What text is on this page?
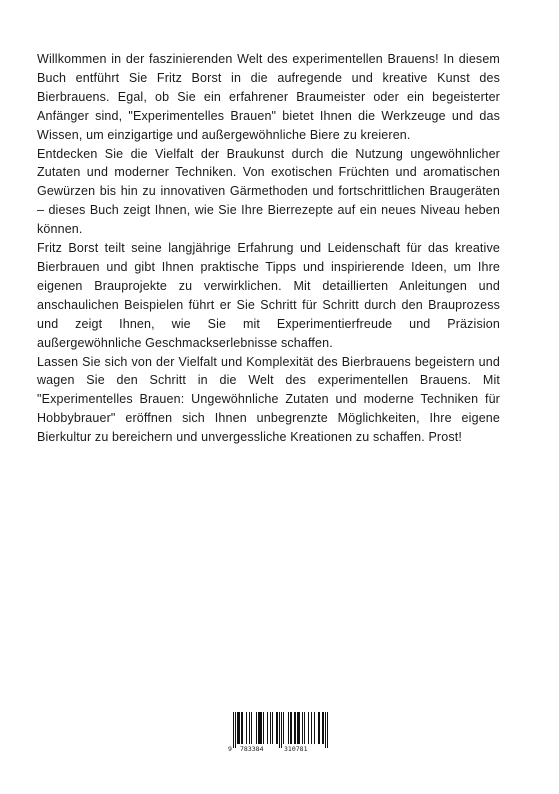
Willkommen in der faszinierenden Welt des experimentellen Brauens! In diesem Buch entführt Sie Fritz Borst in die aufregende und kreative Kunst des Bierbrauens. Egal, ob Sie ein erfahrener Braumeister oder ein begeisterter Anfänger sind, "Experimentelles Brauen" bietet Ihnen die Werkzeuge und das Wissen, um einzigartige und außergewöhnliche Biere zu kreieren.

Entdecken Sie die Vielfalt der Braukunst durch die Nutzung ungewöhnlicher Zutaten und moderner Techniken. Von exotischen Früchten und aromatischen Gewürzen bis hin zu innovativen Gärmethoden und fortschrittlichen Braugeräten – dieses Buch zeigt Ihnen, wie Sie Ihre Bierrezepte auf ein neues Niveau heben können.

Fritz Borst teilt seine langjährige Erfahrung und Leidenschaft für das kreative Bierbrauen und gibt Ihnen praktische Tipps und inspirierende Ideen, um Ihre eigenen Brauprojekte zu verwirklichen. Mit detaillierten Anleitungen und anschaulichen Beispielen führt er Sie Schritt für Schritt durch den Brauprozess und zeigt Ihnen, wie Sie mit Experimentierfreude und Präzision außergewöhnliche Geschmackserlebnisse schaffen.

Lassen Sie sich von der Vielfalt und Komplexität des Bierbrauens begeistern und wagen Sie den Schritt in die Welt des experimentellen Brauens. Mit "Experimentelles Brauen: Ungewöhnliche Zutaten und moderne Techniken für Hobbybrauer" eröffnen sich Ihnen unbegrenzte Möglichkeiten, Ihre eigene Bierkultur zu bereichern und unvergessliche Kreationen zu schaffen. Prost!

9 783384	310781
